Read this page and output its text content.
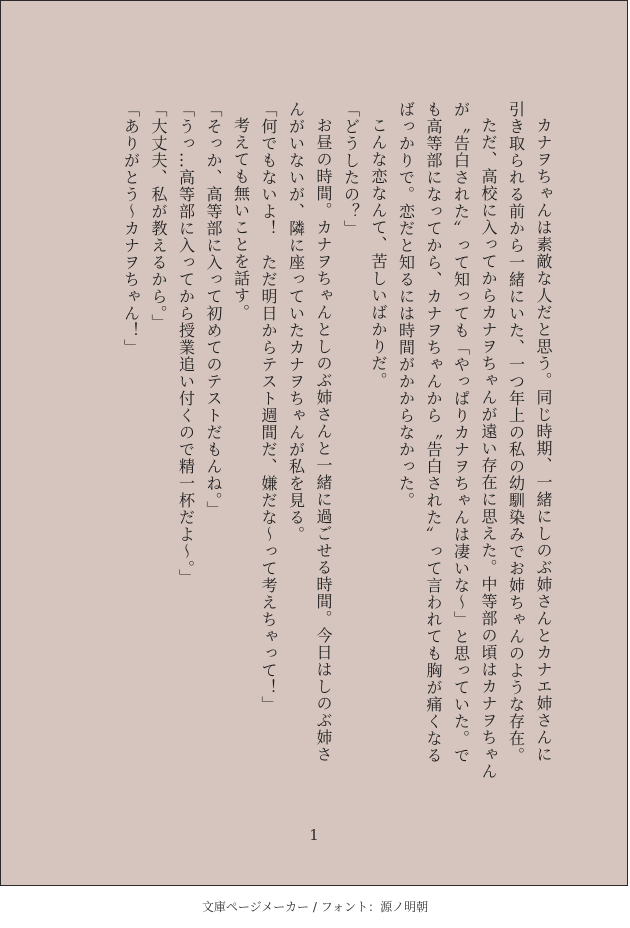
カナヲちゃんは素敵な人だと思う。同じ時期、一緒にしのぶ姉さんとカナエ姉さんに
引き取られる前から一緒にいた、一つ年上の私の幼馴染みでお姉ちゃんのような存在。
ただ、高校に入ってからカナヲちゃんが遠い存在に思えた。中等部の頃はカナヲちゃん
が〝告白された〟って知っても「やっぱりカナヲちゃんは凄いな〜」と思っていた。で
も高等部になってから、カナヲちゃんから〝告白された〟って言われても胸が痛くなる
ばっかりで。恋だと知るには時間がかからなかった。
こんな恋なんて、苦しいばかりだ。
「どうしたの？」
お昼の時間。カナヲちゃんとしのぶ姉さんと一緒に過ごせる時間。今日はしのぶ姉さ
んがいないが、隣に座っていたカナヲちゃんが私を見る。
「何でもないよ！　ただ明日からテスト週間だ、嫌だな〜って考えちゃって！」
考えても無いことを話す。
「そっか、高等部に入って初めてのテストだもんね。」
「うっ…高等部に入ってから授業追い付くので精一杯だよ〜。」
「大丈夫、私が教えるから。」
「ありがとう〜カナヲちゃん！」
1
文庫ページメーカー / フォント：源ノ明朝
